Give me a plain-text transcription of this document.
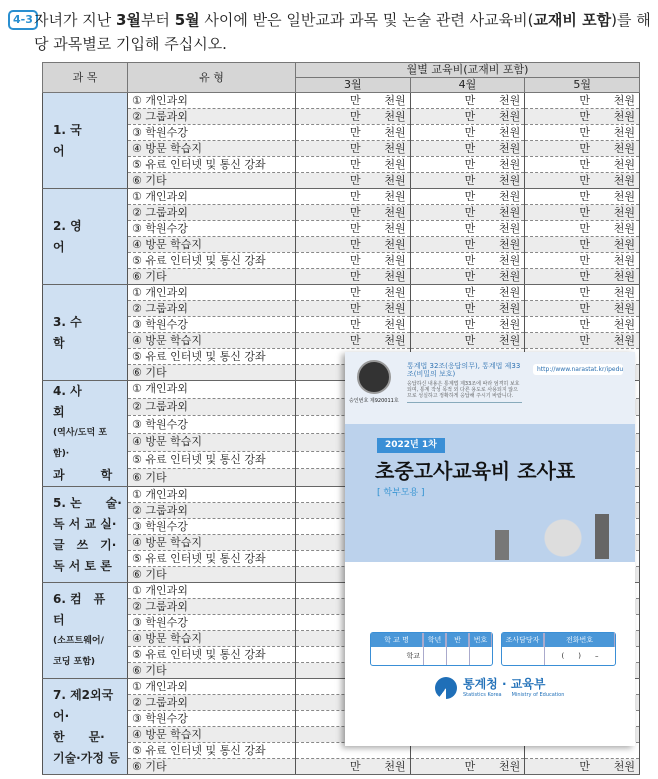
4-3 자녀가 지난 3월부터 5월 사이에 받은 일반교과 과목 및 논술 관련 사교육비(교재비 포함)를 해당 과목별로 기입해 주십시오.
과 목	유 형	월별 교육비(교재비 포함)		
		3월	4월	5월

1. 국　　　어	① 개인과외	만 천원	만 천원	만 천원

	② 그룹과외	만 천원	만 천원	만 천원

	③ 학원수강	만 천원	만 천원	만 천원

	④ 방문 학습지	만 천원	만 천원	만 천원

	⑤ 유료 인터넷 및 통신 강좌	만 천원	만 천원	만 천원

	⑥ 기타	만 천원	만 천원	만 천원

2. 영　　　어	① 개인과외	만 천원	만 천원	만 천원

	② 그룹과외	만 천원	만 천원	만 천원

	③ 학원수강	만 천원	만 천원	만 천원

	④ 방문 학습지	만 천원	만 천원	만 천원

	⑤ 유료 인터넷 및 통신 강좌	만 천원	만 천원	만 천원

	⑥ 기타	만 천원	만 천원	만 천원

3. 수　　　학	① 개인과외	만 천원	만 천원	만 천원

	② 그룹과외	만 천원	만 천원	만 천원

	③ 학원수강	만 천원	만 천원	만 천원

	④ 방문 학습지	만 천원	만 천원	만 천원

	⑤ 유료 인터넷 및 통신 강좌			
	⑥ 기타			

4. 사　　　회
(역사/도덕 포함)·
과　　　학	① 개인과외			
	② 그룹과외			
	③ 학원수강			
	④ 방문 학습지			
	⑤ 유료 인터넷 및 통신 강좌			
	⑥ 기타			

5. 논　　술·
독 서 교 실·
글　쓰　기·
독 서 토 론	① 개인과외			
	② 그룹과외			
	③ 학원수강			
	④ 방문 학습지			
	⑤ 유료 인터넷 및 통신 강좌			
	⑥ 기타			

6. 컴　퓨　터
(소프트웨어/
코딩 포함)	① 개인과외			
	② 그룹과외			
	③ 학원수강			
	④ 방문 학습지			
	⑤ 유료 인터넷 및 통신 강좌			
	⑥ 기타			

7. 제2외국어·
한　　문·
기술·가정 등	① 개인과외			
	② 그룹과외			
	③ 학원수강			
	④ 방문 학습지			
	⑤ 유료 인터넷 및 통신 강좌			
	⑥ 기타	만 천원	만 천원	만 천원
승인번호 제920011호
통계법 32조(응답의무), 통계법 제33조(비밀의 보호)
응답하신 내용은 통계법 제33조에 따라 엄격히 보호되며, 통계 작성 목적 외 다른 용도로 사용되지 않으므로 성실하고 정확하게 응답해 주시기 바랍니다.
http://www.narastat.kr/ipedu
2022년 1차
초중고사교육비 조사표
[ 학부모용 ]
학 교 명
학교
학년	반	번호	조사담당자	전화번호
(　　)　　–
통계청 · 교육부
Statistics Korea　　 Ministry of Education
